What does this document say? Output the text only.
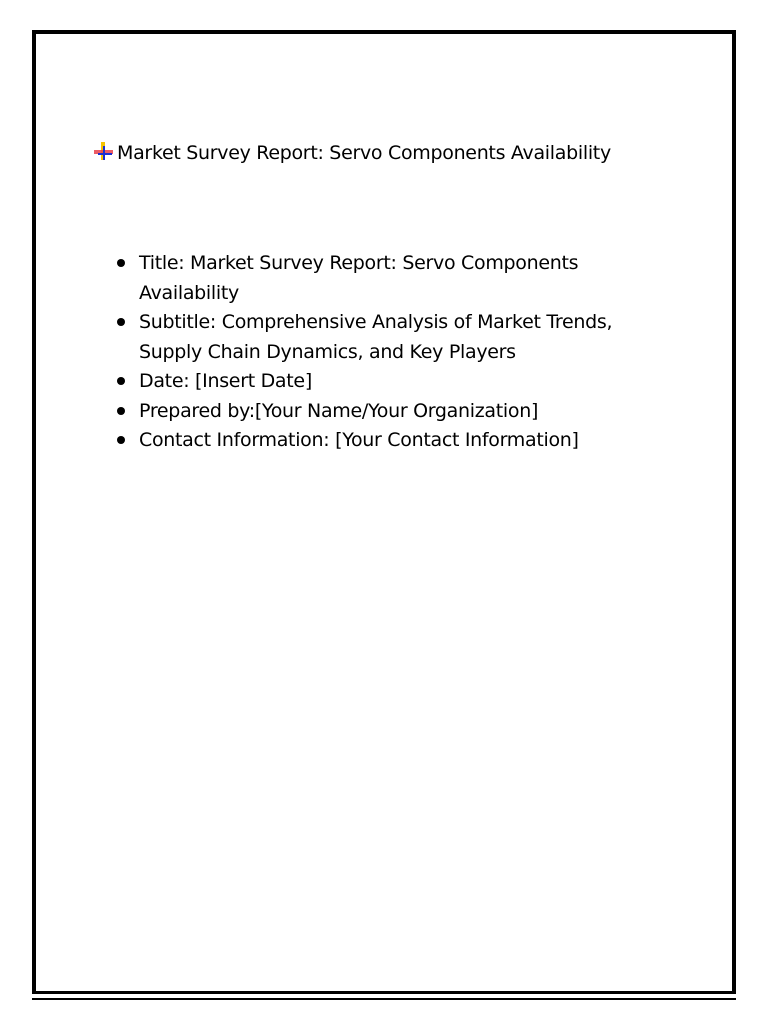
Market Survey Report: Servo Components Availability
Title: Market Survey Report: Servo Components Availability
Subtitle: Comprehensive Analysis of Market Trends, Supply Chain Dynamics, and Key Players
Date: [Insert Date]
Prepared by:[Your Name/Your Organization]
Contact Information: [Your Contact Information]
